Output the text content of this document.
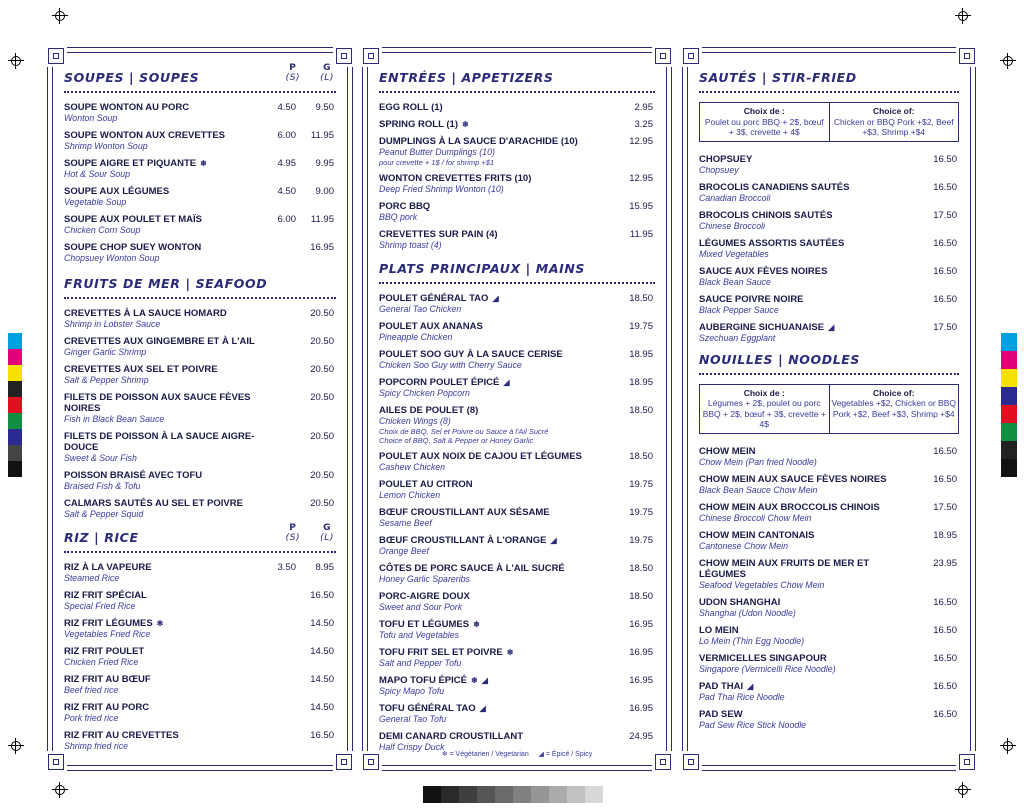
SOUPES | SOUPES
P
(S)
G
(L)
SOUPE WONTON AU PORC
Wonton Soup
4.50 9.50
SOUPE WONTON AUX CREVETTES
Shrimp Wonton Soup
6.00 11.95
SOUPE AIGRE ET PIQUANTE ❄
Hot & Sour Soup
4.95 9.95
SOUPE AUX LÉGUMES
Vegetable Soup
4.50 9.00
SOUPE AUX POULET ET MAÏS
Chicken Corn Soup
6.00 11.95
SOUPE CHOP SUEY WONTON
Chopsuey Wonton Soup
16.95
FRUITS DE MER | SEAFOOD
CREVETTES À LA SAUCE HOMARD
Shrimp in Lobster Sauce
20.50
CREVETTES AUX GINGEMBRE ET À L'AIL
Ginger Garlic Shrimp
20.50
CREVETTES AUX SEL ET POIVRE
Salt & Pepper Shrimp
20.50
FILETS DE POISSON AUX SAUCE FÈVES NOIRES
Fish in Black Bean Sauce
20.50
FILETS DE POISSON À LA SAUCE AIGRE-DOUCE
Sweet & Sour Fish
20.50
POISSON BRAISÉ AVEC TOFU
Braised Fish & Tofu
20.50
CALMARS SAUTÉS AU SEL ET POIVRE
Salt & Pepper Squid
20.50
RIZ | RICE
P
(S)
G
(L)
RIZ À LA VAPEURE
Steamed Rice
3.50 8.95
RIZ FRIT SPÉCIAL
Special Fried Rice
16.50
RIZ FRIT LÉGUMES ❄
Vegetables Fried Rice
14.50
RIZ FRIT POULET
Chicken Fried Rice
14.50
RIZ FRIT AU BŒUF
Beef fried rice
14.50
RIZ FRIT AU PORC
Pork fried rice
14.50
RIZ FRIT AU CREVETTES
Shrimp fried rice
16.50
ENTRÉES | APPETIZERS
EGG ROLL (1)	2.95
SPRING ROLL (1) ❄	3.25
DUMPLINGS À LA SAUCE D'ARACHIDE (10)
Peanut Butter Dumplings (10)
pour crevette + 1$ / for shrimp +$1
12.95
WONTON CREVETTES FRITS (10)
Deep Fried Shrimp Wonton (10)
12.95
PORC BBQ
BBQ pork
15.95
CREVETTES SUR PAIN (4)
Shrimp toast (4)
11.95
PLATS PRINCIPAUX | MAINS
POULET GÉNÉRAL TAO ◢
General Tao Chicken
18.50
POULET AUX ANANAS
Pineapple Chicken
19.75
POULET SOO GUY À LA SAUCE CERISE
Chicken Soo Guy with Cherry Sauce
18.95
POPCORN POULET ÉPICÉ ◢
Spicy Chicken Popcorn
18.95
AILES DE POULET (8)
Chicken Wings (8)
Choix de BBQ, Sel et Poivre ou Sauce à l'Ail Sucré
Choice of BBQ, Salt & Pepper or Honey Garlic
18.50
POULET AUX NOIX DE CAJOU ET LÉGUMES
Cashew Chicken
18.50
POULET AU CITRON
Lemon Chicken
19.75
BŒUF CROUSTILLANT AUX SÉSAME
Sesame Beef
19.75
BŒUF CROUSTILLANT À L'ORANGE ◢
Orange Beef
19.75
CÔTES DE PORC SAUCE À L'AIL SUCRÉ
Honey Garlic Spareribs
18.50
PORC-AIGRE DOUX
Sweet and Sour Pork
18.50
TOFU ET LÉGUMES ❄
Tofu and Vegetables
16.95
TOFU FRIT SEL ET POIVRE ❄
Salt and Pepper Tofu
16.95
MAPO TOFU ÉPICÉ ❄ ◢
Spicy Mapo Tofu
16.95
TOFU GÉNÉRAL TAO ◢
General Tao Tofu
16.95
DEMI CANARD CROUSTILLANT
Half Crispy Duck
24.95
❄ = Végétarien / Vegetarian ◢ = Épicé / Spicy
SAUTÉS | STIR-FRIED
Choix de :
Poulet ou porc BBQ + 2$, bœuf + 3$, crevette + 4$
Choice of:
Chicken or BBQ Pork +$2, Beef +$3, Shrimp +$4
CHOPSUEY
Chopsuey
16.50
BROCOLIS CANADIENS SAUTÉS
Canadian Broccoli
16.50
BROCOLIS CHINOIS SAUTÉS
Chinese Broccoli
17.50
LÉGUMES ASSORTIS SAUTÉES
Mixed Vegetables
16.50
SAUCE AUX FÈVES NOIRES
Black Bean Sauce
16.50
SAUCE POIVRE NOIRE
Black Pepper Sauce
16.50
AUBERGINE SICHUANAISE ◢
Szechuan Eggplant
17.50
NOUILLES | NOODLES
Choix de :
Légumes + 2$, poulet ou porc BBQ + 2$, bœuf + 3$, crevette + 4$
Choice of:
Vegetables +$2, Chicken or BBQ Pork +$2, Beef +$3, Shrimp +$4
CHOW MEIN
Chow Mein (Pan fried Noodle)
16.50
CHOW MEIN AUX SAUCE FÈVES NOIRES
Black Bean Sauce Chow Mein
16.50
CHOW MEIN AUX BROCCOLIS CHINOIS
Chinese Broccoli Chow Mein
17.50
CHOW MEIN CANTONAIS
Cantonese Chow Mein
18.95
CHOW MEIN AUX FRUITS DE MER ET LÉGUMES
Seafood Vegetables Chow Mein
23.95
UDON SHANGHAI
Shanghai (Udon Noodle)
16.50
LO MEIN
Lo Mein (Thin Egg Noodle)
16.50
VERMICELLES SINGAPOUR
Singapore (Vermicelli Rice Noodle)
16.50
PAD THAI ◢
Pad Thai Rice Noodle
16.50
PAD SEW
Pad Sew Rice Stick Noodle
16.50
